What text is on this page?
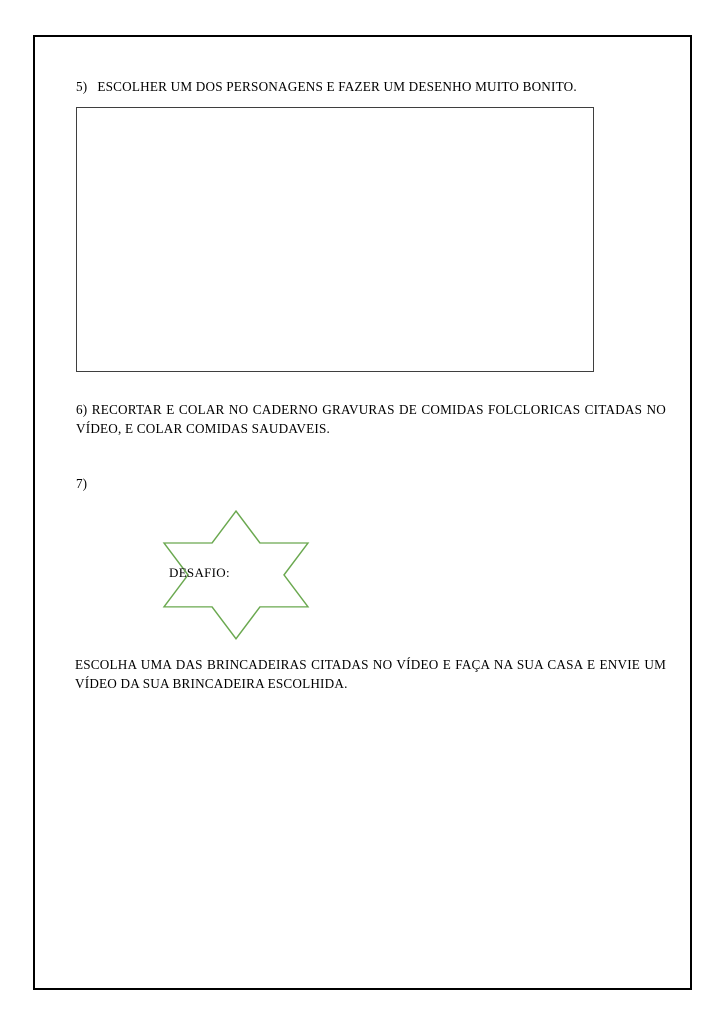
5) ESCOLHER UM DOS PERSONAGENS E FAZER UM DESENHO MUITO BONITO.

6) RECORTAR E COLAR NO CADERNO GRAVURAS DE COMIDAS FOLCLORICAS CITADAS NO VÍDEO, E COLAR COMIDAS SAUDAVEIS.

7)

DESAFIO:

ESCOLHA UMA DAS BRINCADEIRAS CITADAS NO VÍDEO E FAÇA NA SUA CASA E ENVIE UM VÍDEO DA SUA BRINCADEIRA ESCOLHIDA.
